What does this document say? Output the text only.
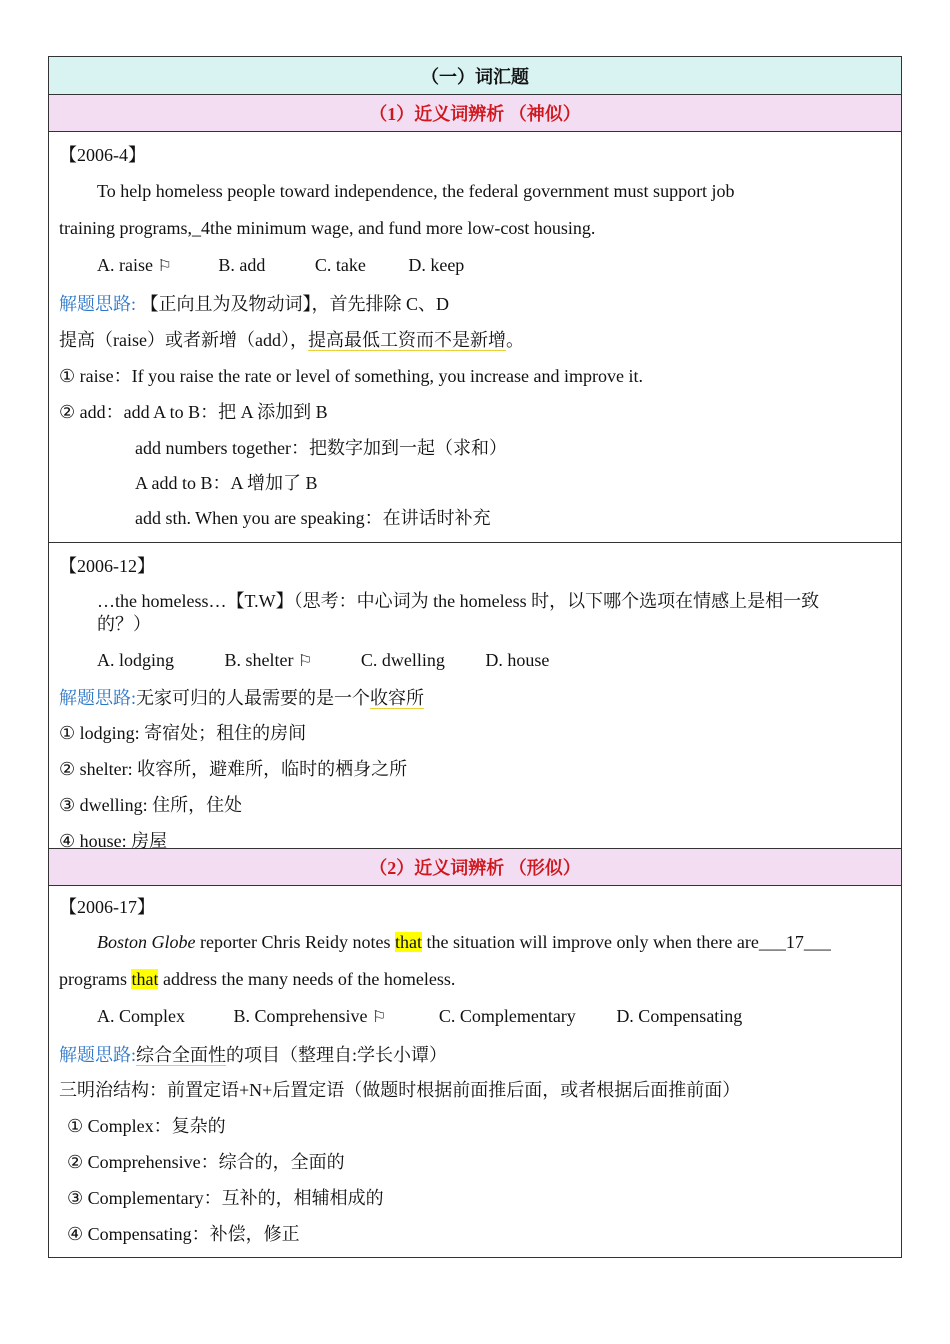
（一）词汇题
（1）近义词辨析 （神似）
【2006-4】
To help homeless people toward independence, the federal government must support job
training programs,_4the minimum wage, and fund more low-cost housing.
A. raise ⚐	B. add	C. take D. keep
解题思路: 【正向且为及物动词】，首先排除 C、D
提高（raise）或者新增（add），提高最低工资而不是新增。
① raise：If you raise the rate or level of something, you increase and improve it.
② add：add A to B：把 A 添加到 B
add numbers together：把数字加到一起（求和）
A add to B：A 增加了 B
add sth. When you are speaking：在讲话时补充
【2006-12】
…the homeless…【T.W】（思考：中心词为 the homeless 时，以下哪个选项在情感上是相一致
的？）
A. lodging	B. shelter ⚐	C. dwelling D. house
解题思路:无家可归的人最需要的是一个收容所
① lodging: 寄宿处；租住的房间
② shelter: 收容所，避难所，临时的栖身之所
③ dwelling: 住所，住处
④ house: 房屋
（2）近义词辨析 （形似）
【2006-17】
Boston Globe reporter Chris Reidy notes that the situation will improve only when there are___17___
programs that address the many needs of the homeless.
A. Complex	B. Comprehensive ⚐	C. Complementary D. Compensating
解题思路:综合全面性的项目（整理自:学长小谭）
三明治结构：前置定语+N+后置定语（做题时根据前面推后面，或者根据后面推前面）
① Complex：复杂的
② Comprehensive：综合的，全面的
③ Complementary：互补的，相辅相成的
④ Compensating：补偿，修正
